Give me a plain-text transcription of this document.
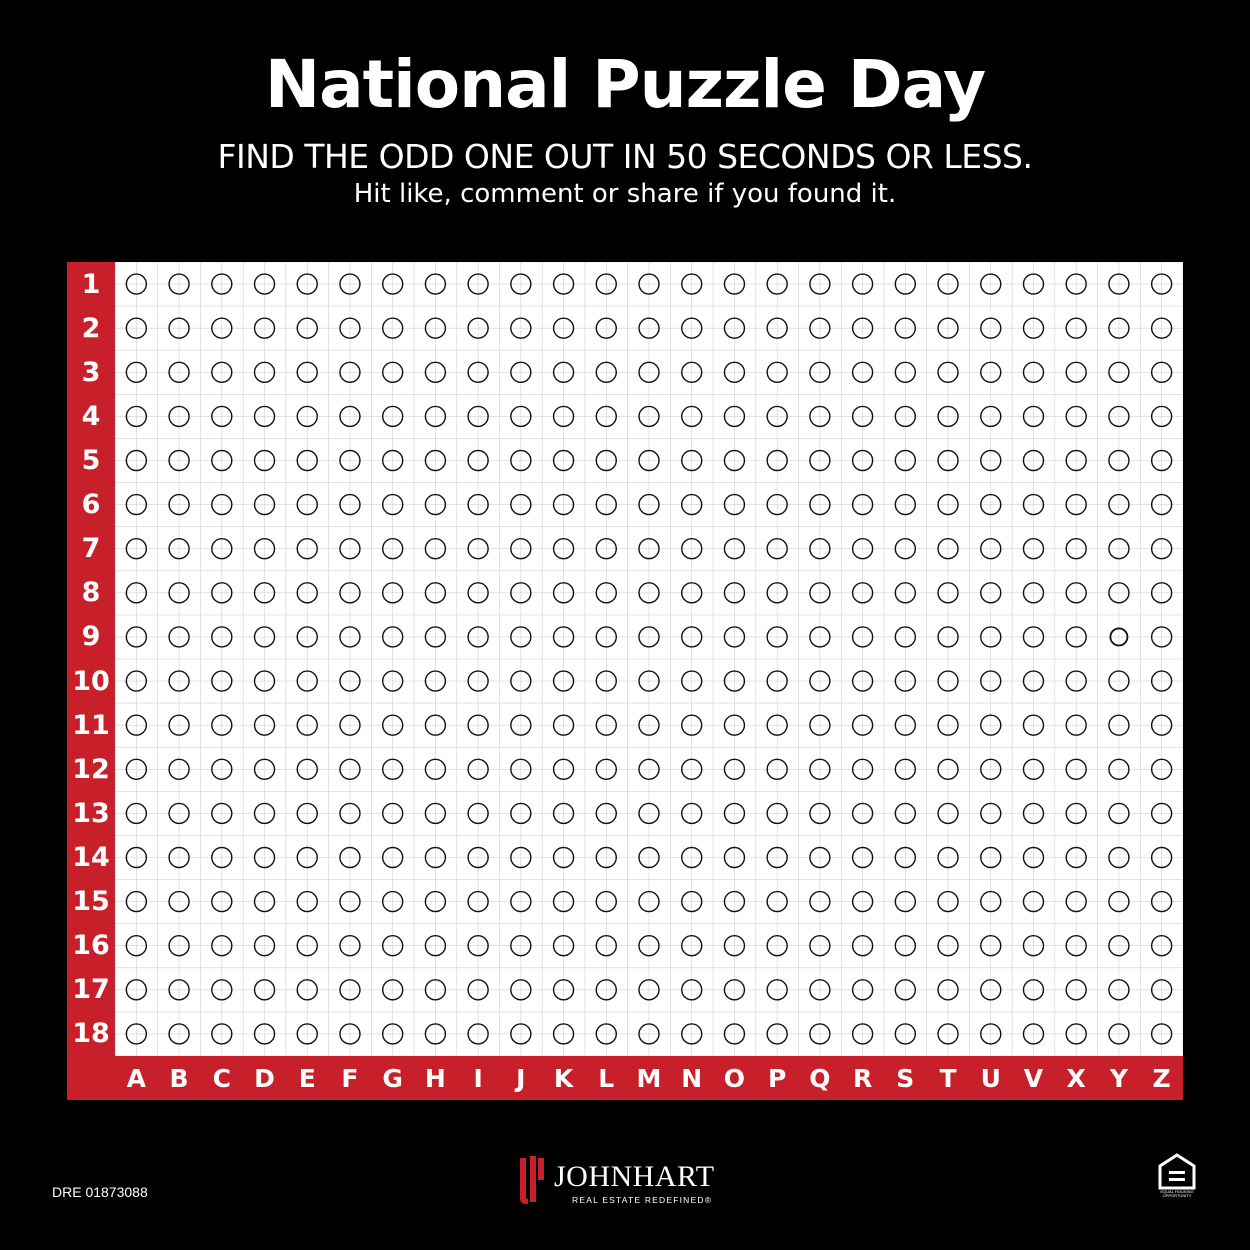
National Puzzle Day
FIND THE ODD ONE OUT IN 50 SECONDS OR LESS.
Hit like, comment or share if you found it.
1
2
3
4
5
6
7
8
9
10
11
12
13
14
15
16
17
18
A B C D E	F G H	I	J	K	L M N O P Q R S	T U V X Y Z
DRE 01873088	JOHNHART
REAL ESTATE REDEFINED®
EQUAL HOUSING
OPPORTUNITY
